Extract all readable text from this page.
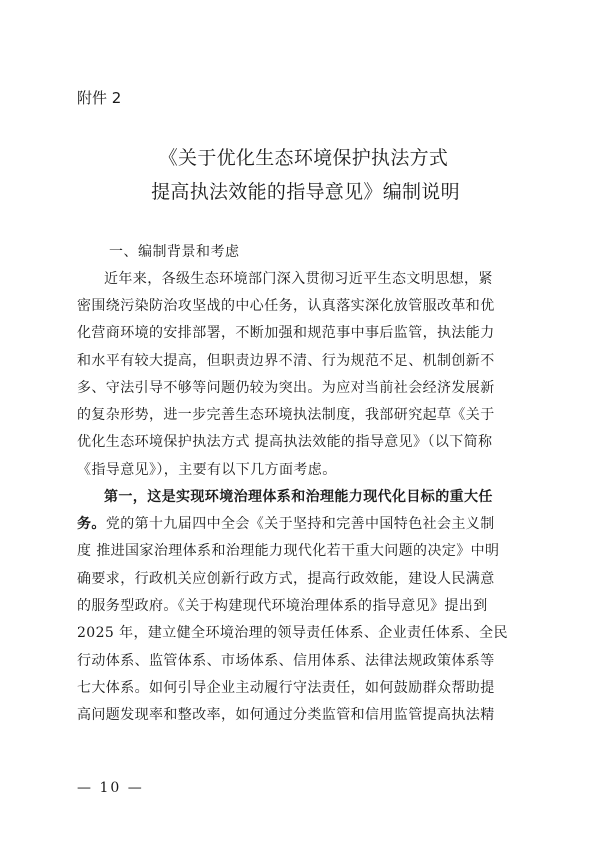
附件 2
《关于优化生态环境保护执法方式
提高执法效能的指导意见》编制说明
一、编制背景和考虑
近年来，各级生态环境部门深入贯彻习近平生态文明思想，紧
密围绕污染防治攻坚战的中心任务，认真落实深化放管服改革和优
化营商环境的安排部署，不断加强和规范事中事后监管，执法能力
和水平有较大提高，但职责边界不清、行为规范不足、机制创新不
多、守法引导不够等问题仍较为突出。为应对当前社会经济发展新
的复杂形势，进一步完善生态环境执法制度，我部研究起草《关于
优化生态环境保护执法方式 提高执法效能的指导意见》（以下简称
《指导意见》），主要有以下几方面考虑。
第一，这是实现环境治理体系和治理能力现代化目标的重大任
务。党的第十九届四中全会《关于坚持和完善中国特色社会主义制
度 推进国家治理体系和治理能力现代化若干重大问题的决定》中明
确要求，行政机关应创新行政方式，提高行政效能，建设人民满意
的服务型政府。《关于构建现代环境治理体系的指导意见》提出到
2025 年，建立健全环境治理的领导责任体系、企业责任体系、全民
行动体系、监管体系、市场体系、信用体系、法律法规政策体系等
七大体系。如何引导企业主动履行守法责任，如何鼓励群众帮助提
高问题发现率和整改率，如何通过分类监管和信用监管提高执法精
— 10 —
